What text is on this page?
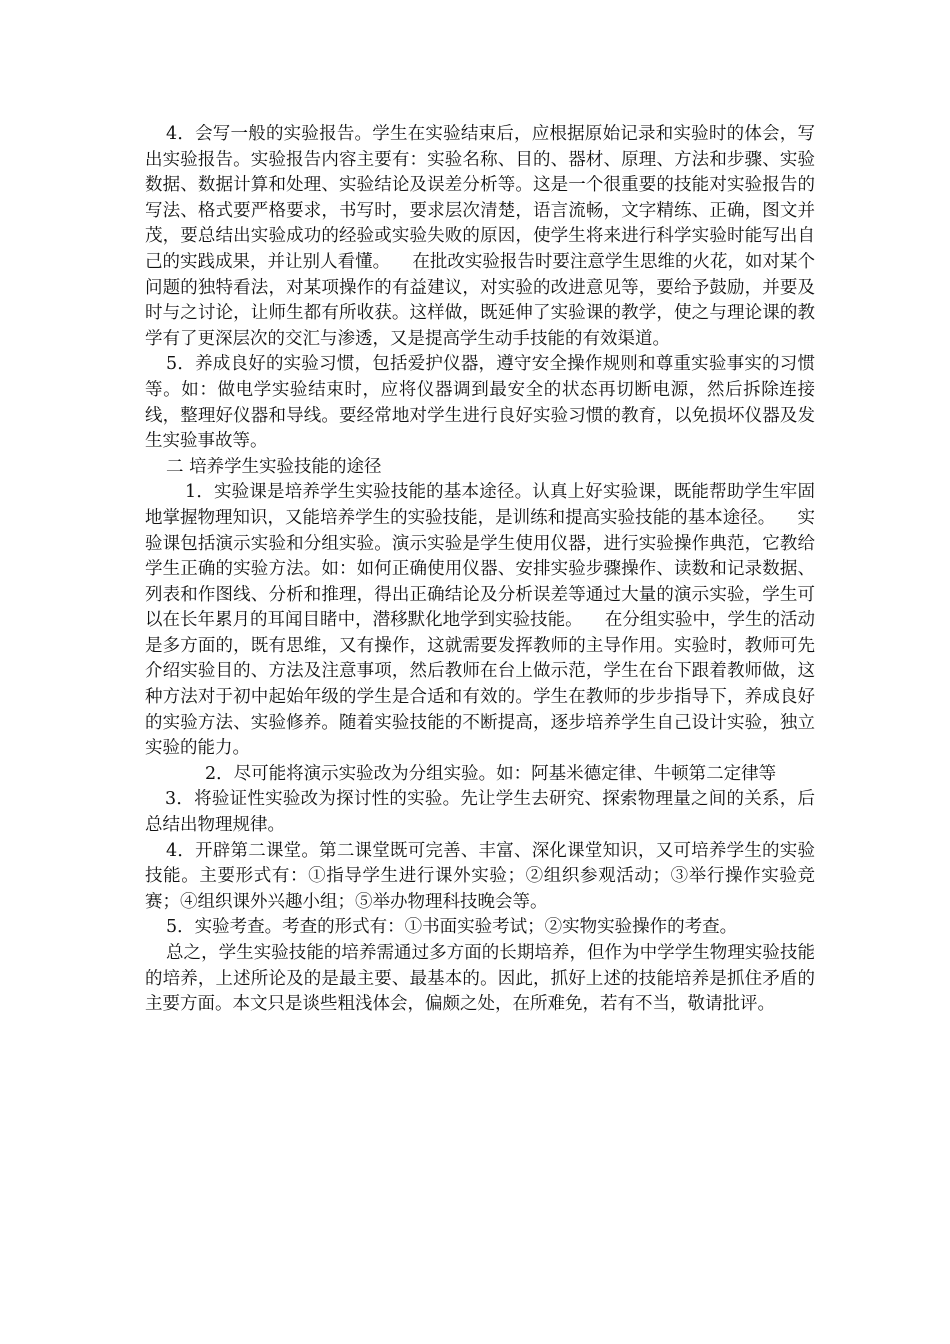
4．会写一般的实验报告。学生在实验结束后，应根据原始记录和实验时的体会，写出实验报告。实验报告内容主要有：实验名称、目的、器材、原理、方法和步骤、实验数据、数据计算和处理、实验结论及误差分析等。这是一个很重要的技能对实验报告的写法、格式要严格要求，书写时，要求层次清楚，语言流畅，文字精练、正确，图文并茂，要总结出实验成功的经验或实验失败的原因，使学生将来进行科学实验时能写出自己的实践成果，并让别人看懂。    在批改实验报告时要注意学生思维的火花，如对某个问题的独特看法，对某项操作的有益建议，对实验的改进意见等，要给予鼓励，并要及时与之讨论，让师生都有所收获。这样做，既延伸了实验课的教学，使之与理论课的教学有了更深层次的交汇与渗透，又是提高学生动手技能的有效渠道。

5．养成良好的实验习惯，包括爱护仪器，遵守安全操作规则和尊重实验事实的习惯等。如：做电学实验结束时，应将仪器调到最安全的状态再切断电源，然后拆除连接线，整理好仪器和导线。要经常地对学生进行良好实验习惯的教育，以免损坏仪器及发生实验事故等。

二 培养学生实验技能的途径

1．实验课是培养学生实验技能的基本途径。认真上好实验课，既能帮助学生牢固地掌握物理知识，又能培养学生的实验技能，是训练和提高实验技能的基本途径。    实验课包括演示实验和分组实验。演示实验是学生使用仪器，进行实验操作典范，它教给学生正确的实验方法。如：如何正确使用仪器、安排实验步骤操作、读数和记录数据、列表和作图线、分析和推理，得出正确结论及分析误差等通过大量的演示实验，学生可以在长年累月的耳闻目睹中，潜移默化地学到实验技能。    在分组实验中，学生的活动是多方面的，既有思维，又有操作，这就需要发挥教师的主导作用。实验时，教师可先介绍实验目的、方法及注意事项，然后教师在台上做示范，学生在台下跟着教师做，这种方法对于初中起始年级的学生是合适和有效的。学生在教师的步步指导下，养成良好的实验方法、实验修养。随着实验技能的不断提高，逐步培养学生自己设计实验，独立实验的能力。

2．尽可能将演示实验改为分组实验。如：阿基米德定律、牛顿第二定律等

3．将验证性实验改为探讨性的实验。先让学生去研究、探索物理量之间的关系，后总结出物理规律。

4．开辟第二课堂。第二课堂既可完善、丰富、深化课堂知识，又可培养学生的实验技能。主要形式有：①指导学生进行课外实验；②组织参观活动；③举行操作实验竞赛；④组织课外兴趣小组；⑤举办物理科技晚会等。

5．实验考查。考查的形式有：①书面实验考试；②实物实验操作的考查。

总之，学生实验技能的培养需通过多方面的长期培养，但作为中学学生物理实验技能的培养，上述所论及的是最主要、最基本的。因此，抓好上述的技能培养是抓住矛盾的主要方面。本文只是谈些粗浅体会，偏颇之处，在所难免，若有不当，敬请批评。
